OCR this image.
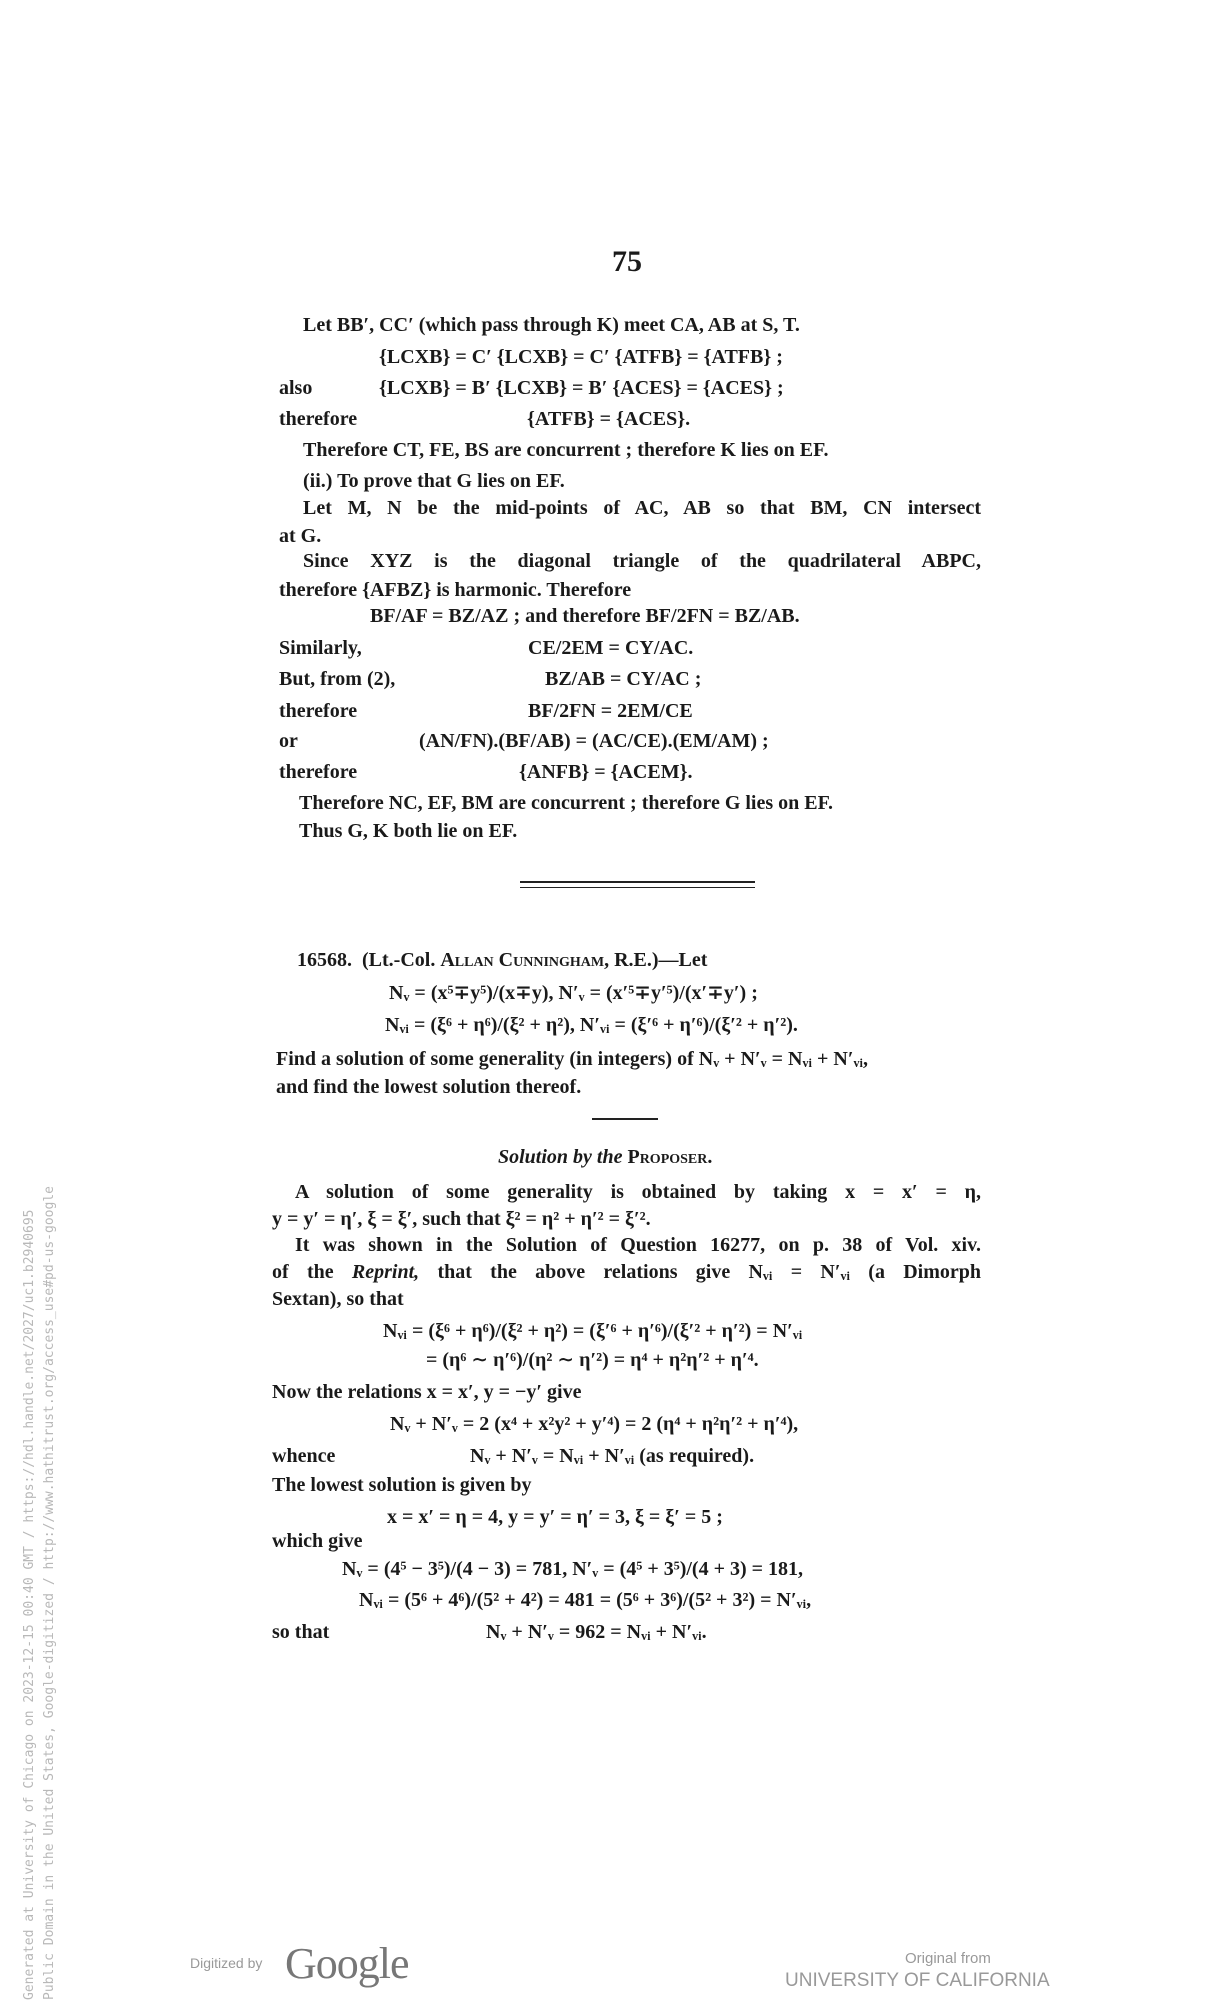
75
Let BB′, CC′ (which pass through K) meet CA, AB at S, T.
{LCXB} = C′ {LCXB} = C′ {ATFB} = {ATFB} ;
also	{LCXB} = B′ {LCXB} = B′ {ACES} = {ACES} ;
therefore	{ATFB} = {ACES}.
Therefore CT, FE, BS are concurrent ; therefore K lies on EF.
(ii.) To prove that G lies on EF.
Let M, N be the mid-points of AC, AB so that BM, CN intersect
at G.
Since XYZ is the diagonal triangle of the quadrilateral ABPC,
therefore {AFBZ} is harmonic. Therefore
BF/AF = BZ/AZ ; and therefore BF/2FN = BZ/AB.
Similarly,	CE/2EM = CY/AC.
But, from (2),	BZ/AB = CY/AC ;
therefore	BF/2FN = 2EM/CE
or	(AN/FN).(BF/AB) = (AC/CE).(EM/AM) ;
therefore	{ANFB} = {ACEM}.
Therefore NC, EF, BM are concurrent ; therefore G lies on EF.
Thus G, K both lie on EF.
16568. (Lt.-Col. Allan Cunningham, R.E.)—Let
Nᵥ = (x⁵∓y⁵)/(x∓y), N′ᵥ = (x′⁵∓y′⁵)/(x′∓y′) ;
Nᵥᵢ = (ξ⁶ + η⁶)/(ξ² + η²), N′ᵥᵢ = (ξ′⁶ + η′⁶)/(ξ′² + η′²).
Find a solution of some generality (in integers) of Nᵥ + N′ᵥ = Nᵥᵢ + N′ᵥᵢ,
and find the lowest solution thereof.
Solution by the Proposer.
A solution of some generality is obtained by taking x = x′ = η,
y = y′ = η′, ξ = ξ′, such that ξ² = η² + η′² = ξ′².
It was shown in the Solution of Question 16277, on p. 38 of Vol. xiv.
of the Reprint, that the above relations give Nᵥᵢ = N′ᵥᵢ (a Dimorph
Sextan), so that
Nᵥᵢ = (ξ⁶ + η⁶)/(ξ² + η²) = (ξ′⁶ + η′⁶)/(ξ′² + η′²) = N′ᵥᵢ
= (η⁶ ∼ η′⁶)/(η² ∼ η′²) = η⁴ + η²η′² + η′⁴.
Now the relations x = x′, y = −y′ give
Nᵥ + N′ᵥ = 2 (x⁴ + x²y² + y′⁴) = 2 (η⁴ + η²η′² + η′⁴),
whence	Nᵥ + N′ᵥ = Nᵥᵢ + N′ᵥᵢ (as required).
The lowest solution is given by
x = x′ = η = 4, y = y′ = η′ = 3, ξ = ξ′ = 5 ;
which give
Nᵥ = (4⁵ − 3⁵)/(4 − 3) = 781, N′ᵥ = (4⁵ + 3⁵)/(4 + 3) = 181,
Nᵥᵢ = (5⁶ + 4⁶)/(5² + 4²) = 481 = (5⁶ + 3⁶)/(5² + 3²) = N′ᵥᵢ,
so that	Nᵥ + N′ᵥ = 962 = Nᵥᵢ + N′ᵥᵢ.
Generated at University of Chicago on 2023-12-15 00:40 GMT / https://hdl.handle.net/2027/uc1.b2940695 Public Domain in the United States, Google-digitized / http://www.hathitrust.org/access_use#pd-us-google	Digitized by Google	Original from
UNIVERSITY OF CALIFORNIA
